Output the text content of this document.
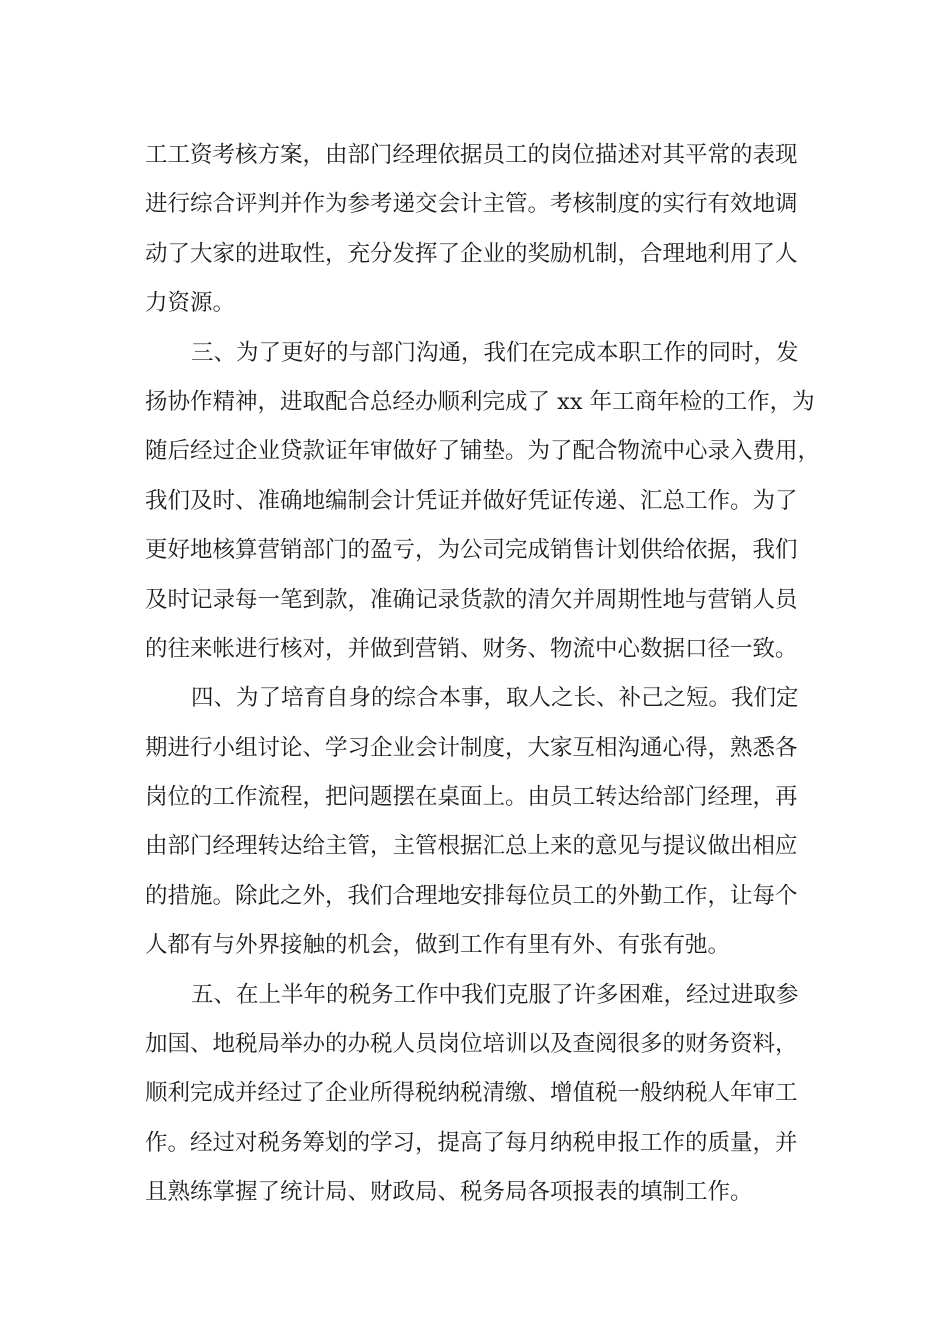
工工资考核方案，由部门经理依据员工的岗位描述对其平常的表现
进行综合评判并作为参考递交会计主管。考核制度的实行有效地调
动了大家的进取性，充分发挥了企业的奖励机制，合理地利用了人
力资源。
三、为了更好的与部门沟通，我们在完成本职工作的同时，发
扬协作精神，进取配合总经办顺利完成了 xx 年工商年检的工作，为
随后经过企业贷款证年审做好了铺垫。为了配合物流中心录入费用，
我们及时、准确地编制会计凭证并做好凭证传递、汇总工作。为了
更好地核算营销部门的盈亏，为公司完成销售计划供给依据，我们
及时记录每一笔到款，准确记录货款的清欠并周期性地与营销人员
的往来帐进行核对，并做到营销、财务、物流中心数据口径一致。
四、为了培育自身的综合本事，取人之长、补己之短。我们定
期进行小组讨论、学习企业会计制度，大家互相沟通心得，熟悉各
岗位的工作流程，把问题摆在桌面上。由员工转达给部门经理，再
由部门经理转达给主管，主管根据汇总上来的意见与提议做出相应
的措施。除此之外，我们合理地安排每位员工的外勤工作，让每个
人都有与外界接触的机会，做到工作有里有外、有张有弛。
五、在上半年的税务工作中我们克服了许多困难，经过进取参
加国、地税局举办的办税人员岗位培训以及查阅很多的财务资料，
顺利完成并经过了企业所得税纳税清缴、增值税一般纳税人年审工
作。经过对税务筹划的学习，提高了每月纳税申报工作的质量，并
且熟练掌握了统计局、财政局、税务局各项报表的填制工作。
